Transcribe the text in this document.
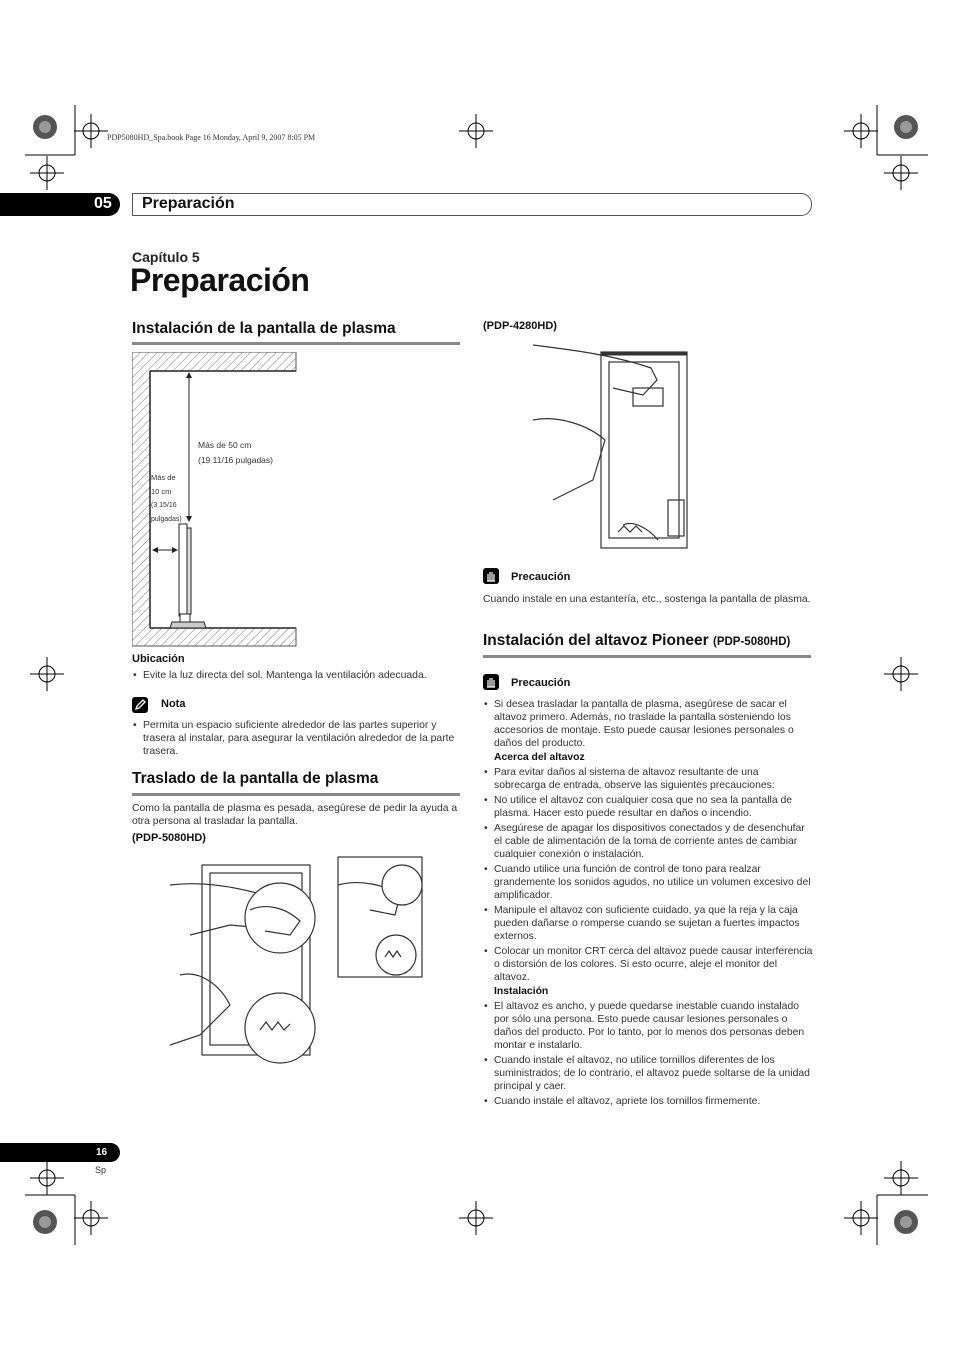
PDP5080HD_Spa.book Page 16 Monday, April 9, 2007 8:05 PM
05 Preparación
Capítulo 5
Preparación
Instalación de la pantalla de plasma
Más de 50 cm
(19 11/16 pulgadas)
Más de
10 cm
(3 15/16
pulgadas)
Ubicación
• Evite la luz directa del sol. Mantenga la ventilación adecuada.
Nota
• Permita un espacio suficiente alrededor de las partes superior y trasera al instalar, para asegurar la ventilación alrededor de la parte trasera.
Traslado de la pantalla de plasma
Como la pantalla de plasma es pesada, asegúrese de pedir la ayuda a otra persona al trasladar la pantalla.
(PDP-5080HD)
(PDP-4280HD)
Precaución
Cuando instale en una estantería, etc., sostenga la pantalla de plasma.
Instalación del altavoz Pioneer (PDP-5080HD)
Precaución
• Si desea trasladar la pantalla de plasma, asegúrese de sacar el altavoz primero. Además, no traslade la pantalla sosteniendo los accesorios de montaje. Esto puede causar lesiones personales o daños del producto.
Acerca del altavoz
• Para evitar daños al sistema de altavoz resultante de una sobrecarga de entrada, observe las siguientes precauciones:
• No utilice el altavoz con cualquier cosa que no sea la pantalla de plasma. Hacer esto puede resultar en daños o incendio.
• Asegúrese de apagar los dispositivos conectados y de desenchufar el cable de alimentación de la toma de corriente antes de cambiar cualquier conexión o instalación.
• Cuando utilice una función de control de tono para realzar grandemente los sonidos agudos, no utilice un volumen excesivo del amplificador.
• Manipule el altavoz con suficiente cuidado, ya que la reja y la caja pueden dañarse o romperse cuando se sujetan a fuertes impactos externos.
• Colocar un monitor CRT cerca del altavoz puede causar interferencia o distorsión de los colores. Si esto ocurre, aleje el monitor del altavoz.
Instalación
• El altavoz es ancho, y puede quedarse inestable cuando instalado por sólo una persona. Esto puede causar lesiones personales o daños del producto. Por lo tanto, por lo menos dos personas deben montar e instalarlo.
• Cuando instale el altavoz, no utilice tornillos diferentes de los suministrados; de lo contrario, el altavoz puede soltarse de la unidad principal y caer.
• Cuando instale el altavoz, apriete los tornillos firmemente.
16
Sp
